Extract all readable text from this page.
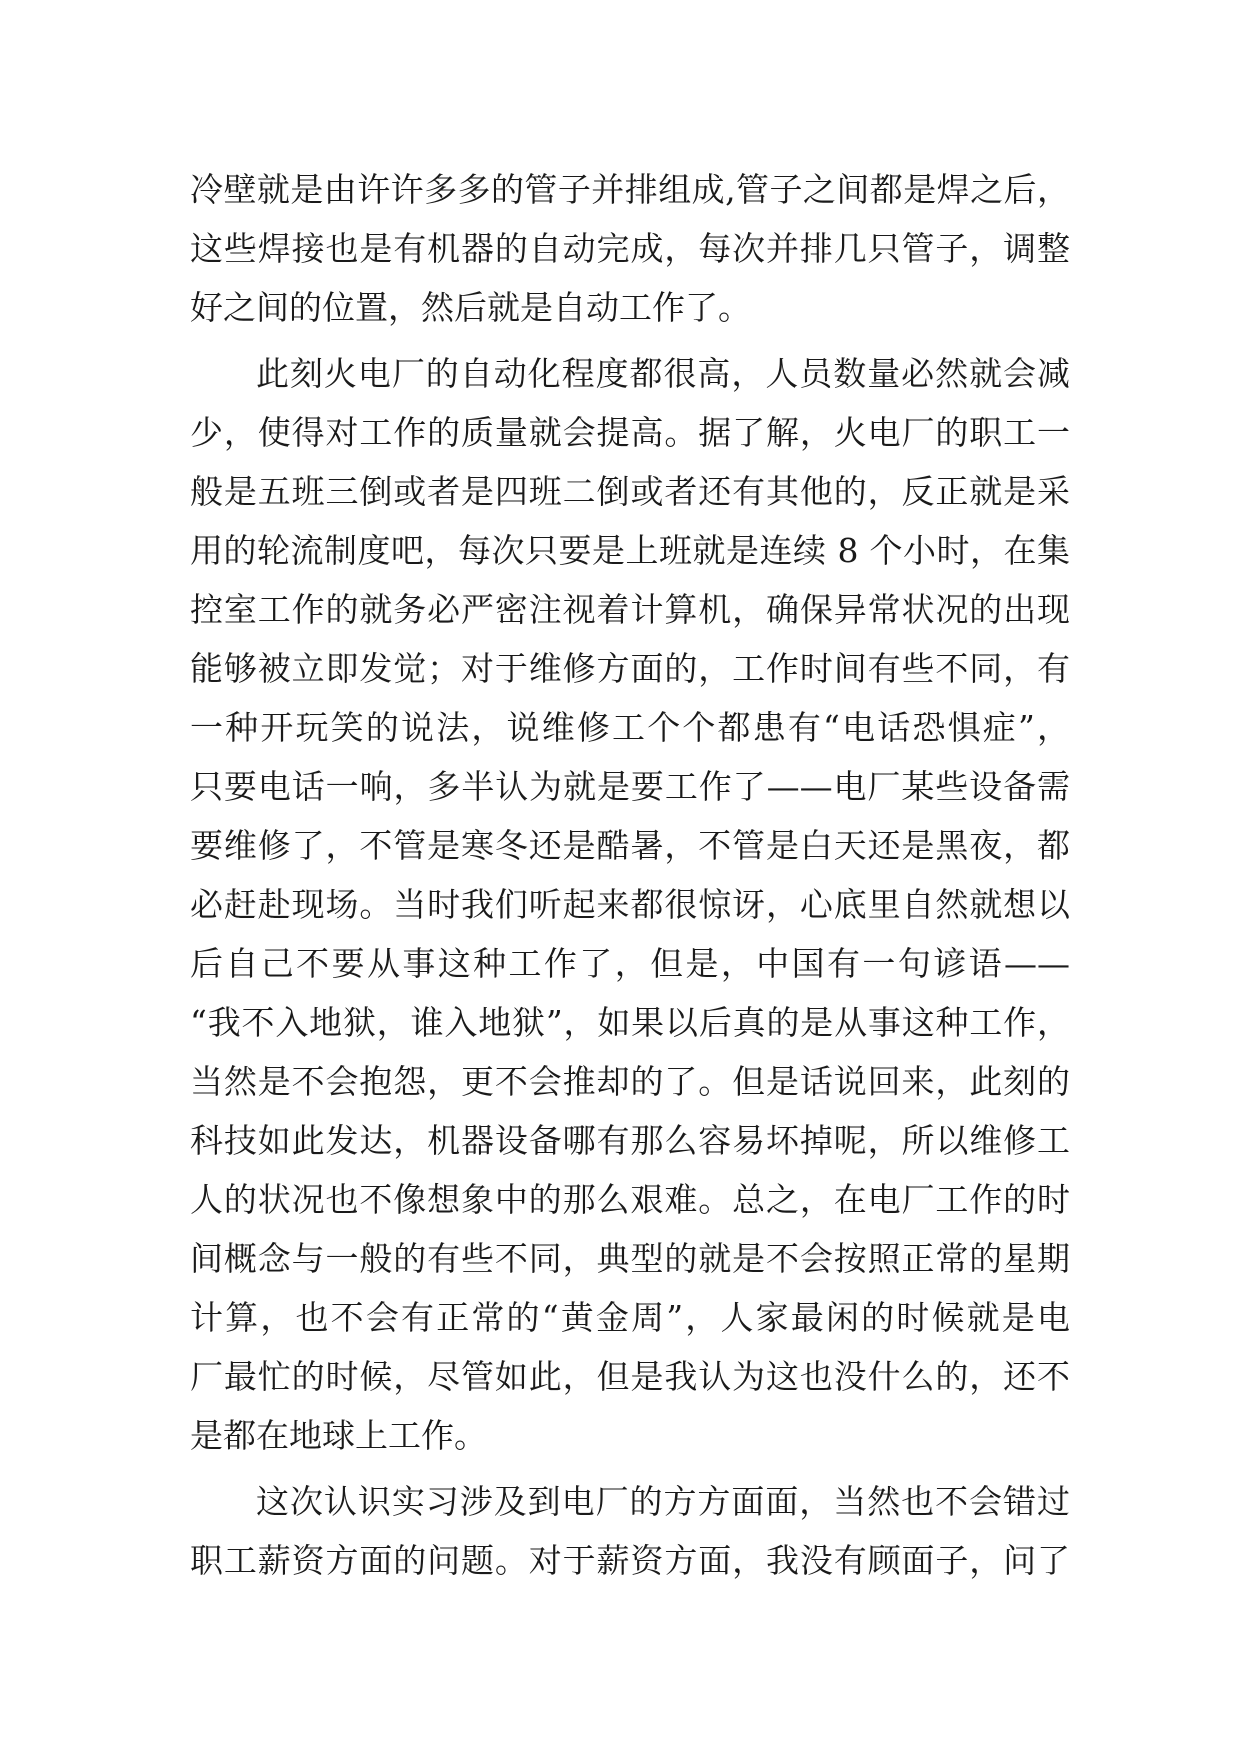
冷壁就是由许许多多的管子并排组成,管子之间都是焊之后，
这些焊接也是有机器的自动完成，每次并排几只管子，调整
好之间的位置，然后就是自动工作了。
此刻火电厂的自动化程度都很高，人员数量必然就会减
少，使得对工作的质量就会提高。据了解，火电厂的职工一
般是五班三倒或者是四班二倒或者还有其他的，反正就是采
用的轮流制度吧，每次只要是上班就是连续 8 个小时，在集
控室工作的就务必严密注视着计算机，确保异常状况的出现
能够被立即发觉；对于维修方面的，工作时间有些不同，有
一种开玩笑的说法，说维修工个个都患有“电话恐惧症”，
只要电话一响，多半认为就是要工作了——电厂某些设备需
要维修了，不管是寒冬还是酷暑，不管是白天还是黑夜，都
必赶赴现场。当时我们听起来都很惊讶，心底里自然就想以
后自己不要从事这种工作了，但是，中国有一句谚语——
“我不入地狱，谁入地狱”，如果以后真的是从事这种工作，
当然是不会抱怨，更不会推却的了。但是话说回来，此刻的
科技如此发达，机器设备哪有那么容易坏掉呢，所以维修工
人的状况也不像想象中的那么艰难。总之，在电厂工作的时
间概念与一般的有些不同，典型的就是不会按照正常的星期
计算，也不会有正常的“黄金周”，人家最闲的时候就是电
厂最忙的时候，尽管如此，但是我认为这也没什么的，还不
是都在地球上工作。
这次认识实习涉及到电厂的方方面面，当然也不会错过
职工薪资方面的问题。对于薪资方面，我没有顾面子，问了
